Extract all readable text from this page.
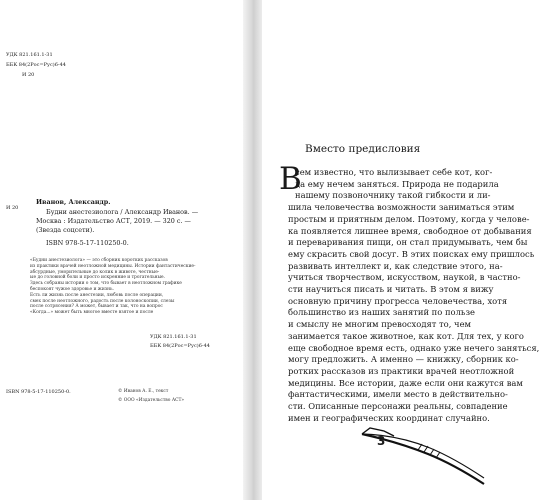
УДК 821.161.1-31
ББК 84(2Рос=Рус)6-44
И 20
И 20
Иванов, Александр.
Будни анестезиолога / Александр Иванов. —
Москва : Издательство АСТ, 2019. — 320 с. —
(Звезда соцсети).
ISBN 978-5-17-110250-0.
«Будни анестезиолога» — это сборник коротких рассказов
из практики врачей неотложной медицины. Истории фантастические-
абсурдные, уморительные до колик в животе, честные-
ые до головной боли и просто искренние и трогательные.
Здесь собраны истории о том, что бывает в неотложном графике
беспокоят чужое здоровье и жизнь.
Есть ли жизнь после анестезии, любовь после операции,
смех после неотложного, радость после колоноскопии, слезы
после сотрясения? А может, бывает и так, что на вопрос
«Когда...» может быть многое вместе взятое и после
УДК 821.161.1-31
ББК 84(2Рос=Рус)6-44
ISBN 978-5-17-110250-0.	© Иванов А. Е., текст
© ООО «Издательство АСТ»
Вместо предисловия
В
сем известно, что вылизывает себе кот, ког-
да ему нечем заняться. Природа не подарила
нашему позвоночнику такой гибкости и ли-
шила человечества возможности заниматься этим
простым и приятным делом. Поэтому, когда у челове-
ка появляется лишнее время, свободное от добывания
и переваривания пищи, он стал придумывать, чем бы
ему скрасить свой досуг. В этих поисках ему пришлось
развивать интеллект и, как следствие этого, на-
учиться творчеством, искусством, наукой, в частно-
сти научиться писать и читать. В этом я вижу
основную причину прогресса человечества, хотя
большинство из наших занятий по пользе
и смыслу не многим превосходят то, чем
занимается такое животное, как кот. Для тех, у кого
еще свободное время есть, однако уже нечего заняться,
могу предложить. А именно — книжку, сборник ко-
ротких рассказов из практики врачей неотложной
медицины. Все истории, даже если они кажутся вам
фантастическими, имели место в действительно-
сти. Описанные персонажи реальны, совпадение
имен и географических координат случайно.
3
